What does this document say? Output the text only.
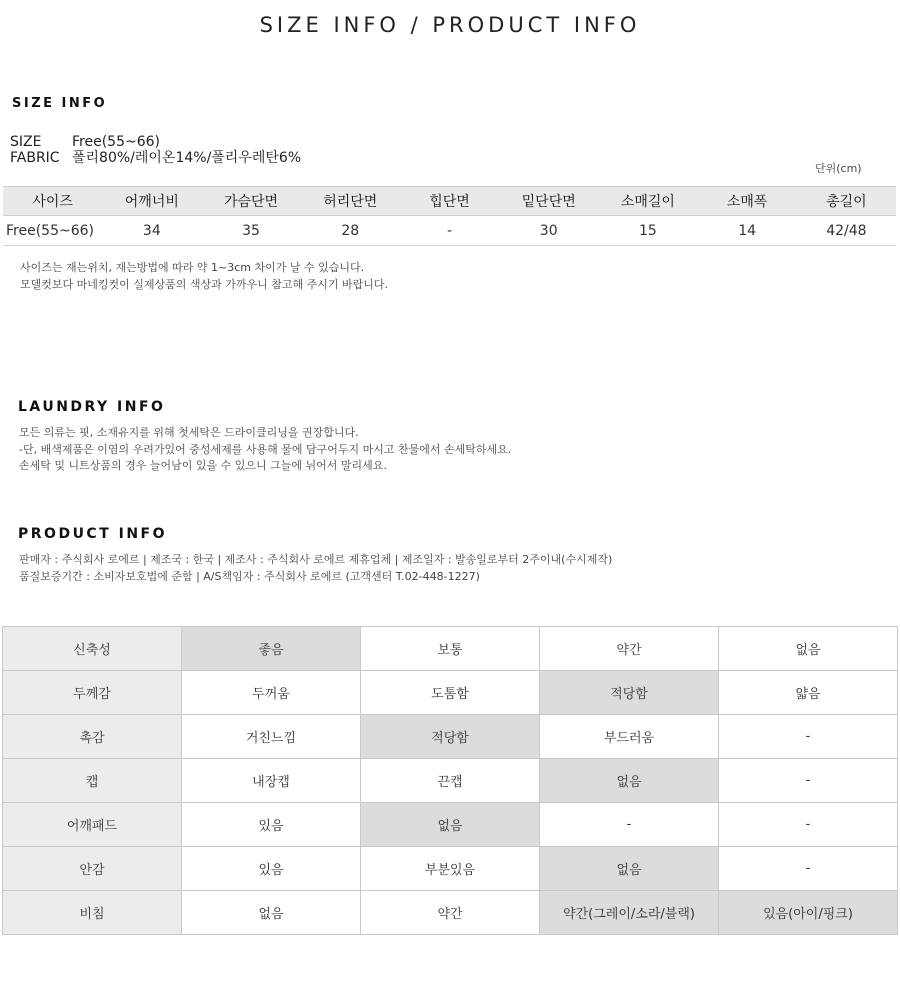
SIZE INFO / PRODUCT INFO
SIZE INFO
SIZE Free(55~66)
FABRIC 폴리80%/레이온14%/폴리우레탄6%
단위(cm)
사이즈	어깨너비	가슴단면	허리단면	힙단면	밑단단면	소매길이	소매폭	총길이
Free(55~66)	34	35	28	-	30	15	14	42/48

사이즈는 재는위치, 재는방법에 따라 약 1~3cm 차이가 날 수 있습니다.

모델컷보다 마네킹컷이 실제상품의 색상과 가까우니 참고해 주시기 바랍니다.

LAUNDRY INFO

모든 의류는 핏, 소재유지를 위해 첫세탁은 드라이클리닝을 권장합니다.

-단, 배색제품은 이염의 우려가있어 중성세제를 사용해 물에 담구어두지 마시고 찬물에서 손세탁하세요.

손세탁 및 니트상품의 경우 늘어남이 있을 수 있으니 그늘에 뉘어서 말리세요.

PRODUCT INFO

판매자 : 주식회사 로에르 | 제조국 : 한국 | 제조사 : 주식회사 로에르 제휴업체 | 제조일자 : 발송일로부터 2주이내(수시제작)

품질보증기간 : 소비자보호법에 준함 | A/S책임자 : 주식회사 로에르 (고객센터 T.02-448-1227)

신축성	좋음	보통	약간	없음
두께감	두꺼움	도톰함	적당함	얇음
촉감	거친느낌	적당함	부드러움	-
캡	내장캡	끈캡	없음	-
어깨패드	있음	없음	-	-
안감	있음	부분있음	없음	-
비침	없음	약간	약간(그레이/소라/블랙)	있음(아이/핑크)
